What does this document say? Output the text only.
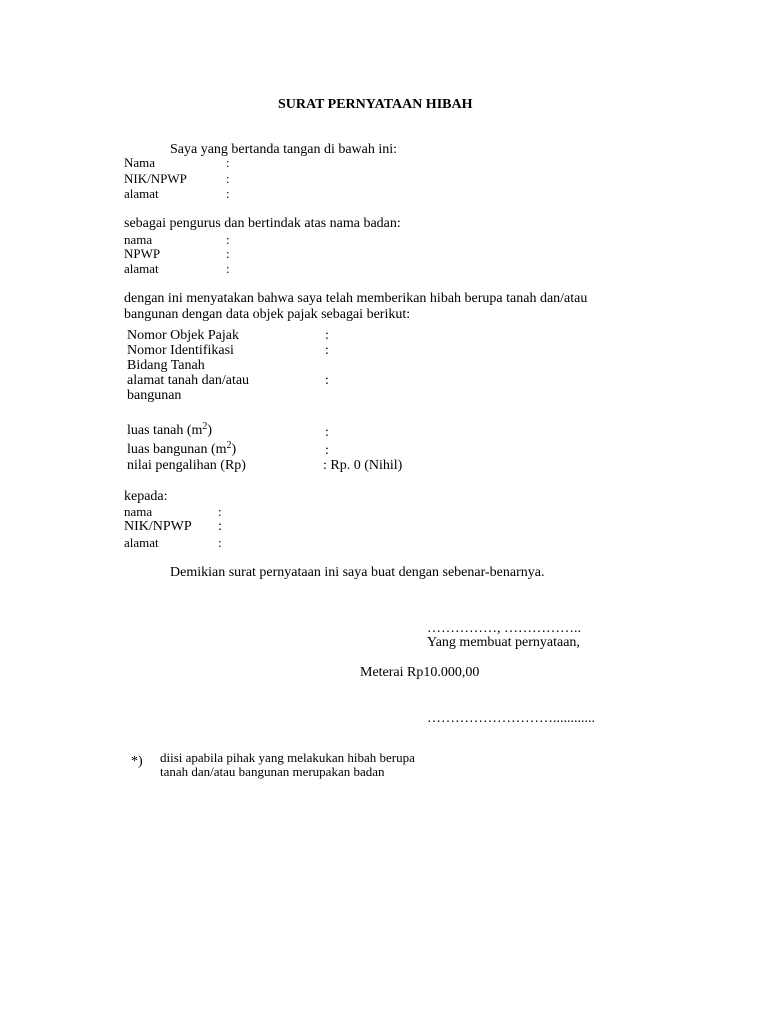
SURAT PERNYATAAN HIBAH
Saya yang bertanda tangan di bawah ini:
Nama	:
NIK/NPWP	:
alamat	:
sebagai pengurus dan bertindak atas nama badan:
nama	:
NPWP	:
alamat	:
dengan ini menyatakan bahwa saya telah memberikan hibah berupa tanah dan/atau
bangunan dengan data objek pajak sebagai berikut:
Nomor Objek Pajak	:
Nomor Identifikasi	:
Bidang Tanah
alamat tanah dan/atau	:
bangunan
luas tanah $(m^2)$	:
luas bangunan $(m^2)$	:
nilai pengalihan (Rp)	: Rp. 0 (Nihil)
kepada:
nama	:
NIK/NPWP :
alamat	:
Demikian surat pernyataan ini saya buat dengan sebenar-benarnya.
……………, ……………..
Yang membuat pernyataan,
Meterai Rp10.000,00
………………………............
*) diisi apabila pihak yang melakukan hibah berupa
tanah dan/atau bangunan merupakan badan
